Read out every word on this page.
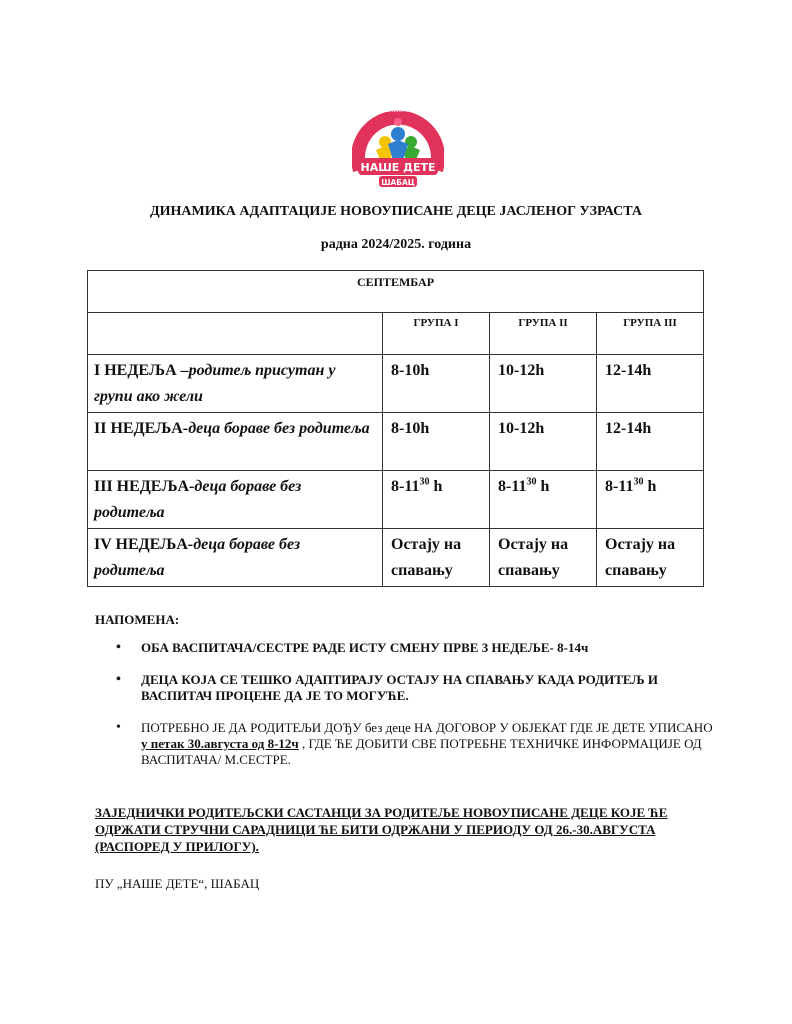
НАШЕ ДЕТЕ
ШАБАЦ
ПРЕДШКОЛСКА УСТАНОВА
ДИНАМИКА АДАПТАЦИЈЕ НОВОУПИСАНЕ ДЕЦЕ ЈАСЛЕНОГ УЗРАСТА
радна 2024/2025. година
СЕПТЕМБАР			
	ГРУПА I	ГРУПА II	ГРУПА III
I НЕДЕЉА –родитељ присутан у групи ако жели	8-10h	10-12h	12-14h
II НЕДЕЉА-деца бораве без родитеља	8-10h	10-12h	12-14h
III НЕДЕЉА-деца бораве без родитеља	$8-11^{30}$ h	$8-11^{30}$ h	$8-11^{30}$ h
IV НЕДЕЉА-деца бораве без родитеља	Остају на спавању	Остају на спавању	Остају на спавању
НАПОМЕНА:
• ОБА ВАСПИТАЧА/СЕСТРЕ РАДЕ ИСТУ СМЕНУ ПРВЕ 3 НЕДЕЉЕ- 8-14ч
• ДЕЦА КОЈА СЕ ТЕШКО АДАПТИРАЈУ ОСТАЈУ НА СПАВАЊУ КАДА РОДИТЕЉ И ВАСПИТАЧ ПРОЦЕНЕ ДА ЈЕ ТО МОГУЋЕ.
• ПОТРЕБНО ЈЕ ДА РОДИТЕЉИ ДОЂУ без деце НА ДОГОВОР У ОБЈЕКАТ ГДЕ ЈЕ ДЕТЕ УПИСАНО у петак 30.августа од 8-12ч , ГДЕ ЋЕ ДОБИТИ СВЕ ПОТРЕБНЕ ТЕХНИЧКЕ ИНФОРМАЦИЈЕ ОД ВАСПИТАЧА/ М.СЕСТРЕ.
ЗАЈЕДНИЧКИ РОДИТЕЉСКИ САСТАНЦИ ЗА РОДИТЕЉЕ НОВОУПИСАНЕ ДЕЦЕ КОЈЕ ЋЕ ОДРЖАТИ СТРУЧНИ САРАДНИЦИ ЋЕ БИТИ ОДРЖАНИ У ПЕРИОДУ ОД 26.-30.АВГУСТА (РАСПОРЕД У ПРИЛОГУ).
ПУ „НАШЕ ДЕТЕ“, ШАБАЦ
